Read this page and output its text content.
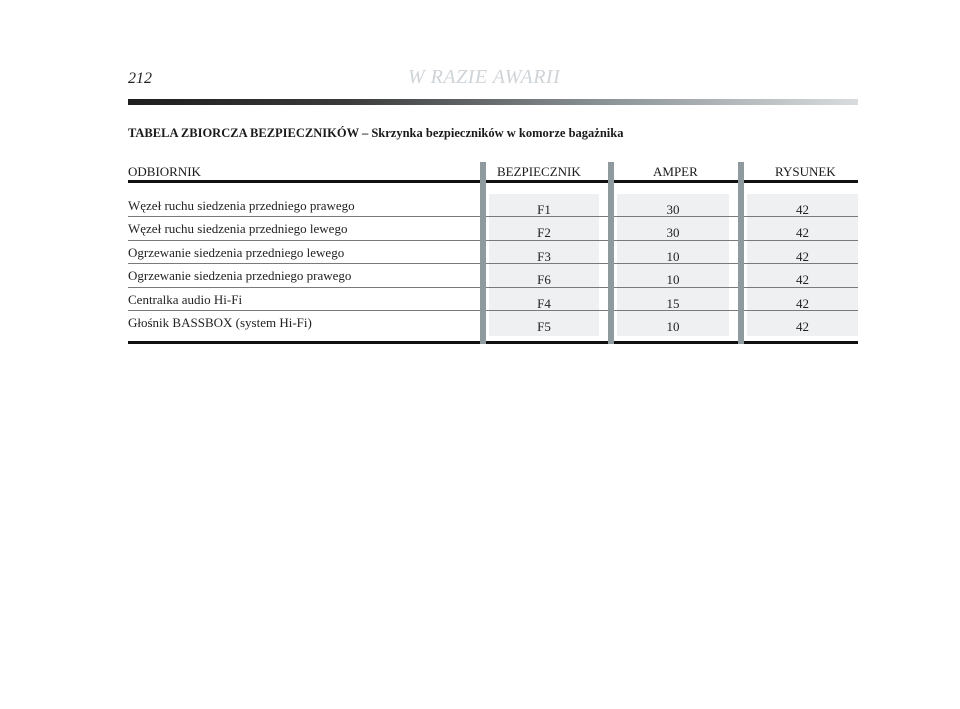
212	W RAZIE AWARII
TABELA ZBIORCZA BEZPIECZNIKÓW – Skrzynka bezpieczników w komorze bagażnika
ODBIORNIK	BEZPIECZNIK	AMPER	RYSUNEK
Węzeł ruchu siedzenia przedniego prawego	F1	30	42
Węzeł ruchu siedzenia przedniego lewego	F2	30	42
Ogrzewanie siedzenia przedniego lewego	F3	10	42
Ogrzewanie siedzenia przedniego prawego	F6	10	42
Centralka audio Hi-Fi	F4	15	42
Głośnik BASSBOX (system Hi-Fi)	F5	10	42
